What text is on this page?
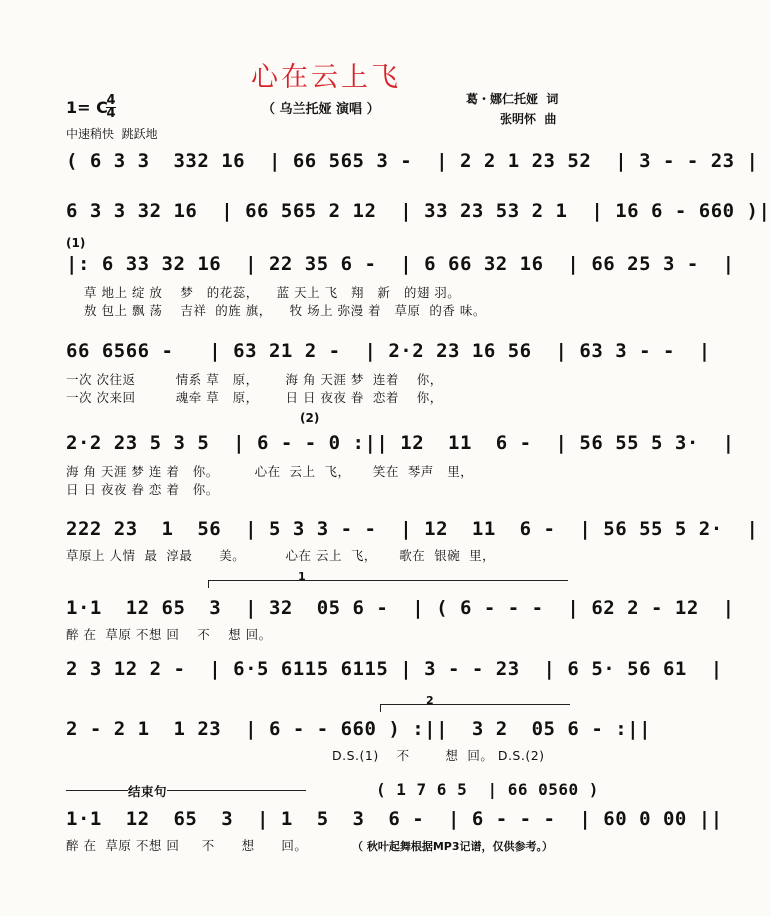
心在云上飞
（ 乌兰托娅 演唱 ）
1= C
4
4
中速稍快  跳跃地
葛・娜仁托娅  词
张明怀  曲
( 6 3 3  332 16  | 66 565 3 -  | 2 2 1 23 52  | 3 - - 23 |
6 3 3 32 16  | 66 565 2 12  | 33 23 53 2 1  | 16 6 - 660 )|
(1)
|: 6 33 32 16  | 22 35 6 -  | 6 66 32 16  | 66 25 3 -  |
草 地上 绽 放    梦   的花蕊，    蓝 天上 飞   翔   新   的翅 羽。
敖 包上 飘 荡    吉祥  的旌 旗，    牧 场上 弥漫 着   草原  的香 味。
66 6566 -   | 63 21 2 -  | 2·2 23 16 56  | 63 3 - -  |
一次 次往返         情系 草   原，      海 角 天涯 梦  连着    你，
一次 次来回         魂牵 草   原，      日 日 夜夜 眷  恋着    你，
(2)
2·2 23 5 3 5  | 6 - - 0 :|| 12  11  6 -  | 56 55 5 3·  |
海 角 天涯 梦 连 着   你。        心在  云上  飞，     笑在  琴声   里，
日 日 夜夜 眷 恋 着   你。
222 23  1  56  | 5 3 3 - -  | 12  11  6 -  | 56 55 5 2·  |
草原上 人情  最  淳最      美。         心在 云上  飞，     歌在  银碗  里，
1
1·1  12 65  3  | 32  05 6 -  | ( 6 - - -  | 62 2 - 12  |
醉 在  草原 不想 回    不    想 回。
2 3 12 2 -  | 6·5 6115 6115 | 3 - - 23  | 6 5· 56 61  |
2
2 - 2 1  1 23  | 6 - - 660 ) :||  3 2  05 6 - :||
D.S.(1)    不        想  回。 D.S.(2)
结束句	( 1 7 6 5  | 66 0560 )
1·1  12  65  3  | 1  5  3  6 -  | 6 - - -  | 60 0 00 ||
醉 在  草原 不想 回     不      想      回。	（ 秋叶起舞根据MP3记谱，仅供参考。）
